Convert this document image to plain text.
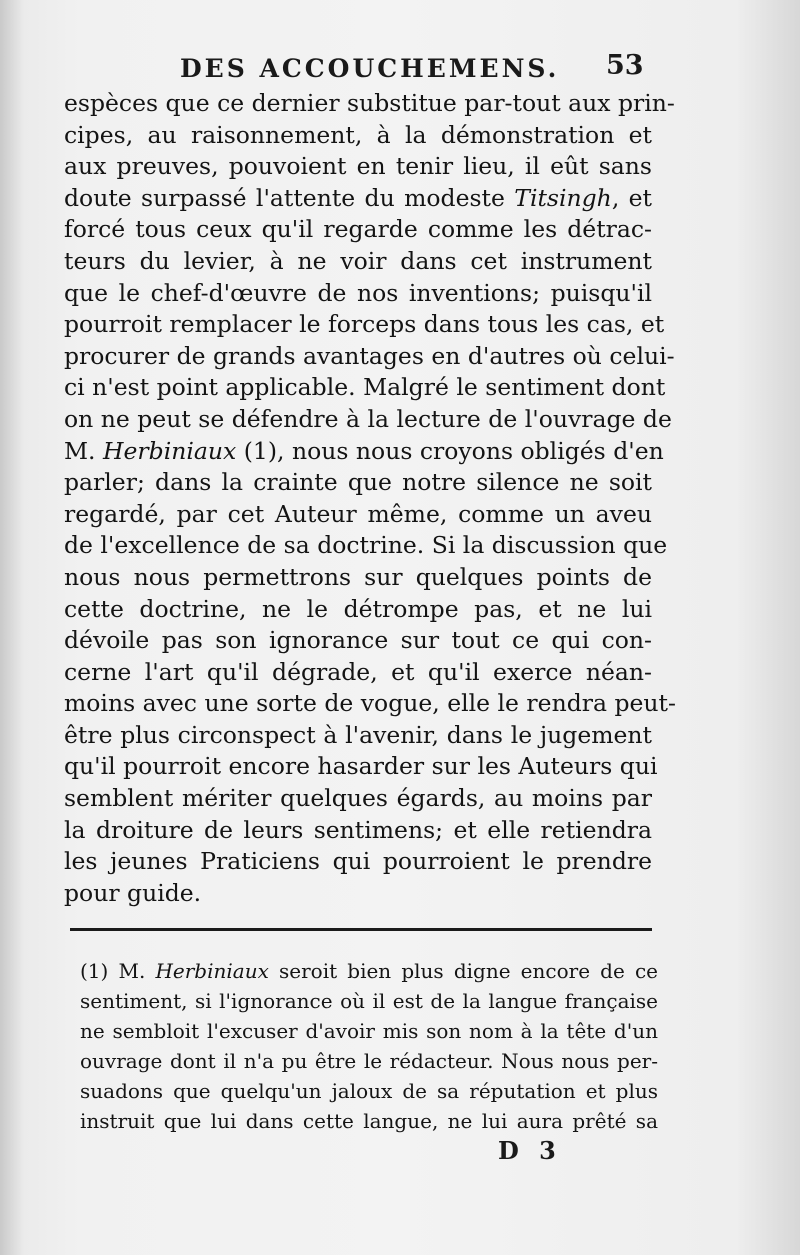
DES ACCOUCHEMENS. 53
espèces que ce dernier substitue par-tout aux prin-
cipes, au raisonnement, à la démonstration et
aux preuves, pouvoient en tenir lieu, il eût sans
doute surpassé l'attente du modeste Titsingh, et
forcé tous ceux qu'il regarde comme les détrac-
teurs du levier, à ne voir dans cet instrument
que le chef-d'œuvre de nos inventions; puisqu'il
pourroit remplacer le forceps dans tous les cas, et
procurer de grands avantages en d'autres où celui-
ci n'est point applicable. Malgré le sentiment dont
on ne peut se défendre à la lecture de l'ouvrage de
M. Herbiniaux (1), nous nous croyons obligés d'en
parler; dans la crainte que notre silence ne soit
regardé, par cet Auteur même, comme un aveu
de l'excellence de sa doctrine. Si la discussion que
nous nous permettrons sur quelques points de
cette doctrine, ne le détrompe pas, et ne lui
dévoile pas son ignorance sur tout ce qui con-
cerne l'art qu'il dégrade, et qu'il exerce néan-
moins avec une sorte de vogue, elle le rendra peut-
être plus circonspect à l'avenir, dans le jugement
qu'il pourroit encore hasarder sur les Auteurs qui
semblent mériter quelques égards, au moins par
la droiture de leurs sentimens; et elle retiendra
les jeunes Praticiens qui pourroient le prendre
pour guide.
(1) M. Herbiniaux seroit bien plus digne encore de ce
sentiment, si l'ignorance où il est de la langue française
ne sembloit l'excuser d'avoir mis son nom à la tête d'un
ouvrage dont il n'a pu être le rédacteur. Nous nous per-
suadons que quelqu'un jaloux de sa réputation et plus
instruit que lui dans cette langue, ne lui aura prêté sa
D 3
